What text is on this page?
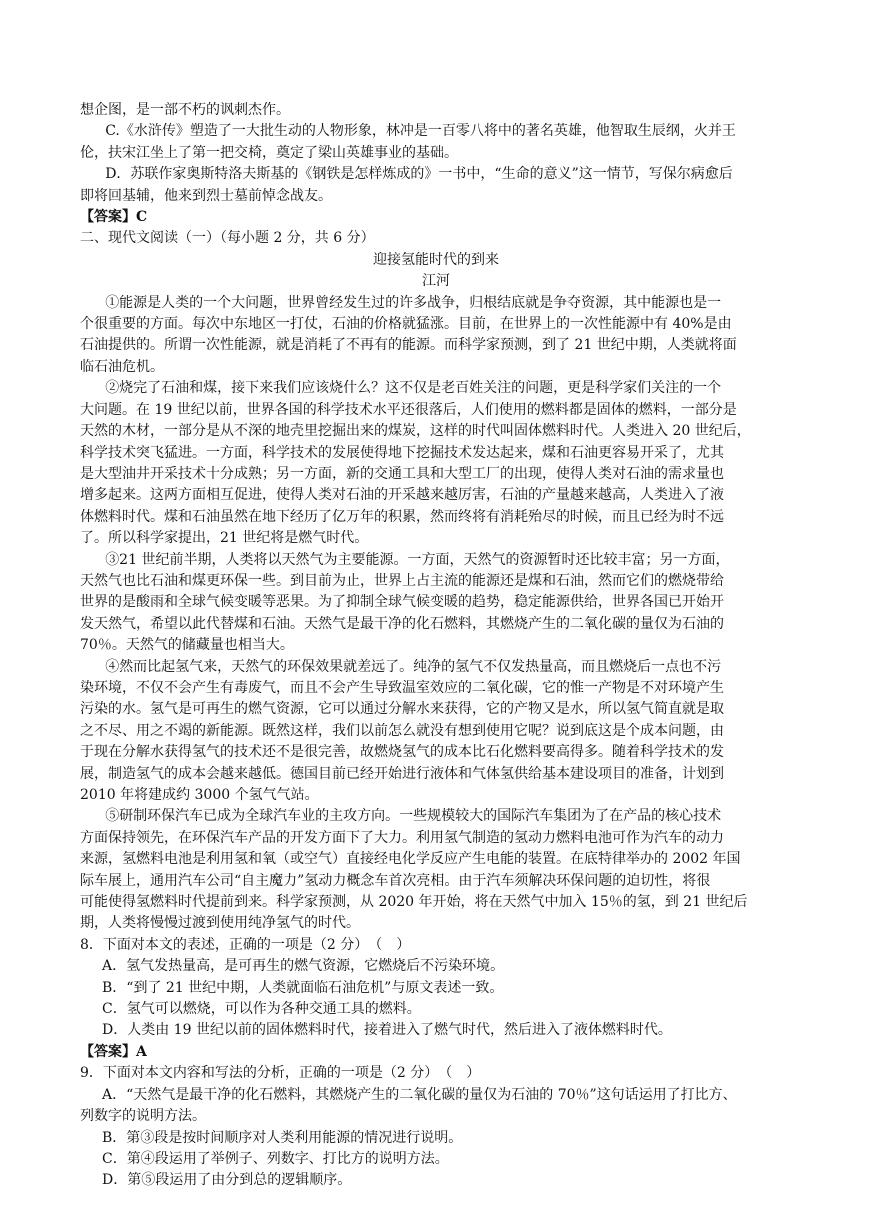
想企图，是一部不朽的讽刺杰作。

C.《水浒传》塑造了一大批生动的人物形象，林冲是一百零八将中的著名英雄，他智取生辰纲，火并王

伦，扶宋江坐上了第一把交椅，奠定了梁山英雄事业的基础。

D．苏联作家奥斯特洛夫斯基的《钢铁是怎样炼成的》一书中，“生命的意义”这一情节，写保尔病愈后

即将回基辅，他来到烈士墓前悼念战友。

【答案】C

二、现代文阅读（一）（每小题 2 分，共 6 分）

迎接氢能时代的到来

江河

①能源是人类的一个大问题，世界曾经发生过的许多战争，归根结底就是争夺资源，其中能源也是一

个很重要的方面。每次中东地区一打仗，石油的价格就猛涨。目前，在世界上的一次性能源中有 40%是由

石油提供的。所谓一次性能源，就是消耗了不再有的能源。而科学家预测，到了 21 世纪中期，人类就将面

临石油危机。

②烧完了石油和煤，接下来我们应该烧什么？这不仅是老百姓关注的问题，更是科学家们关注的一个

大问题。在 19 世纪以前，世界各国的科学技术水平还很落后，人们使用的燃料都是固体的燃料，一部分是

天然的木材，一部分是从不深的地壳里挖掘出来的煤炭，这样的时代叫固体燃料时代。人类进入 20 世纪后，

科学技术突飞猛进。一方面，科学技术的发展使得地下挖掘技术发达起来，煤和石油更容易开采了，尤其

是大型油井开采技术十分成熟；另一方面，新的交通工具和大型工厂的出现，使得人类对石油的需求量也

增多起来。这两方面相互促进，使得人类对石油的开采越来越厉害，石油的产量越来越高，人类进入了液

体燃料时代。煤和石油虽然在地下经历了亿万年的积累，然而终将有消耗殆尽的时候，而且已经为时不远

了。所以科学家提出，21 世纪将是燃气时代。

③21 世纪前半期，人类将以天然气为主要能源。一方面，天然气的资源暂时还比较丰富；另一方面，

天然气也比石油和煤更环保一些。到目前为止，世界上占主流的能源还是煤和石油，然而它们的燃烧带给

世界的是酸雨和全球气候变暖等恶果。为了抑制全球气候变暖的趋势，稳定能源供给，世界各国已开始开

发天然气，希望以此代替煤和石油。天然气是最干净的化石燃料，其燃烧产生的二氧化碳的量仅为石油的

70％。天然气的储藏量也相当大。

④然而比起氢气来，天然气的环保效果就差远了。纯净的氢气不仅发热量高，而且燃烧后一点也不污

染环境，不仅不会产生有毒废气，而且不会产生导致温室效应的二氧化碳，它的惟一产物是不对环境产生

污染的水。氢气是可再生的燃气资源，它可以通过分解水来获得，它的产物又是水，所以氢气简直就是取

之不尽、用之不竭的新能源。既然这样，我们以前怎么就没有想到使用它呢？说到底这是个成本问题，由

于现在分解水获得氢气的技术还不是很完善，故燃烧氢气的成本比石化燃料要高得多。随着科学技术的发

展，制造氢气的成本会越来越低。德国目前已经开始进行液体和气体氢供给基本建设项目的准备，计划到

2010 年将建成约 3000 个氢气气站。

⑤研制环保汽车已成为全球汽车业的主攻方向。一些规模较大的国际汽车集团为了在产品的核心技术

方面保持领先，在环保汽车产品的开发方面下了大力。利用氢气制造的氢动力燃料电池可作为汽车的动力

来源，氢燃料电池是利用氢和氧（或空气）直接经电化学反应产生电能的装置。在底特律举办的 2002 年国

际车展上，通用汽车公司“自主魔力”氢动力概念车首次亮相。由于汽车须解决环保问题的迫切性，将很

可能使得氢燃料时代提前到来。科学家预测，从 2020 年开始，将在天然气中加入 15％的氢，到 21 世纪后

期，人类将慢慢过渡到使用纯净氢气的时代。

8．下面对本文的表述，正确的一项是（2 分）　（　）

A．氢气发热量高，是可再生的燃气资源，它燃烧后不污染环境。

B．“到了 21 世纪中期，人类就面临石油危机”与原文表述一致。

C．氢气可以燃烧，可以作为各种交通工具的燃料。

D．人类由 19 世纪以前的固体燃料时代，接着进入了燃气时代，然后进入了液体燃料时代。

【答案】A

9．下面对本文内容和写法的分析，正确的一项是（2 分）　（　）

A．“天然气是最干净的化石燃料，其燃烧产生的二氧化碳的量仅为石油的 70％”这句话运用了打比方、

列数字的说明方法。

B．第③段是按时间顺序对人类利用能源的情况进行说明。

C．第④段运用了举例子、列数字、打比方的说明方法。

D．第⑤段运用了由分到总的逻辑顺序。
